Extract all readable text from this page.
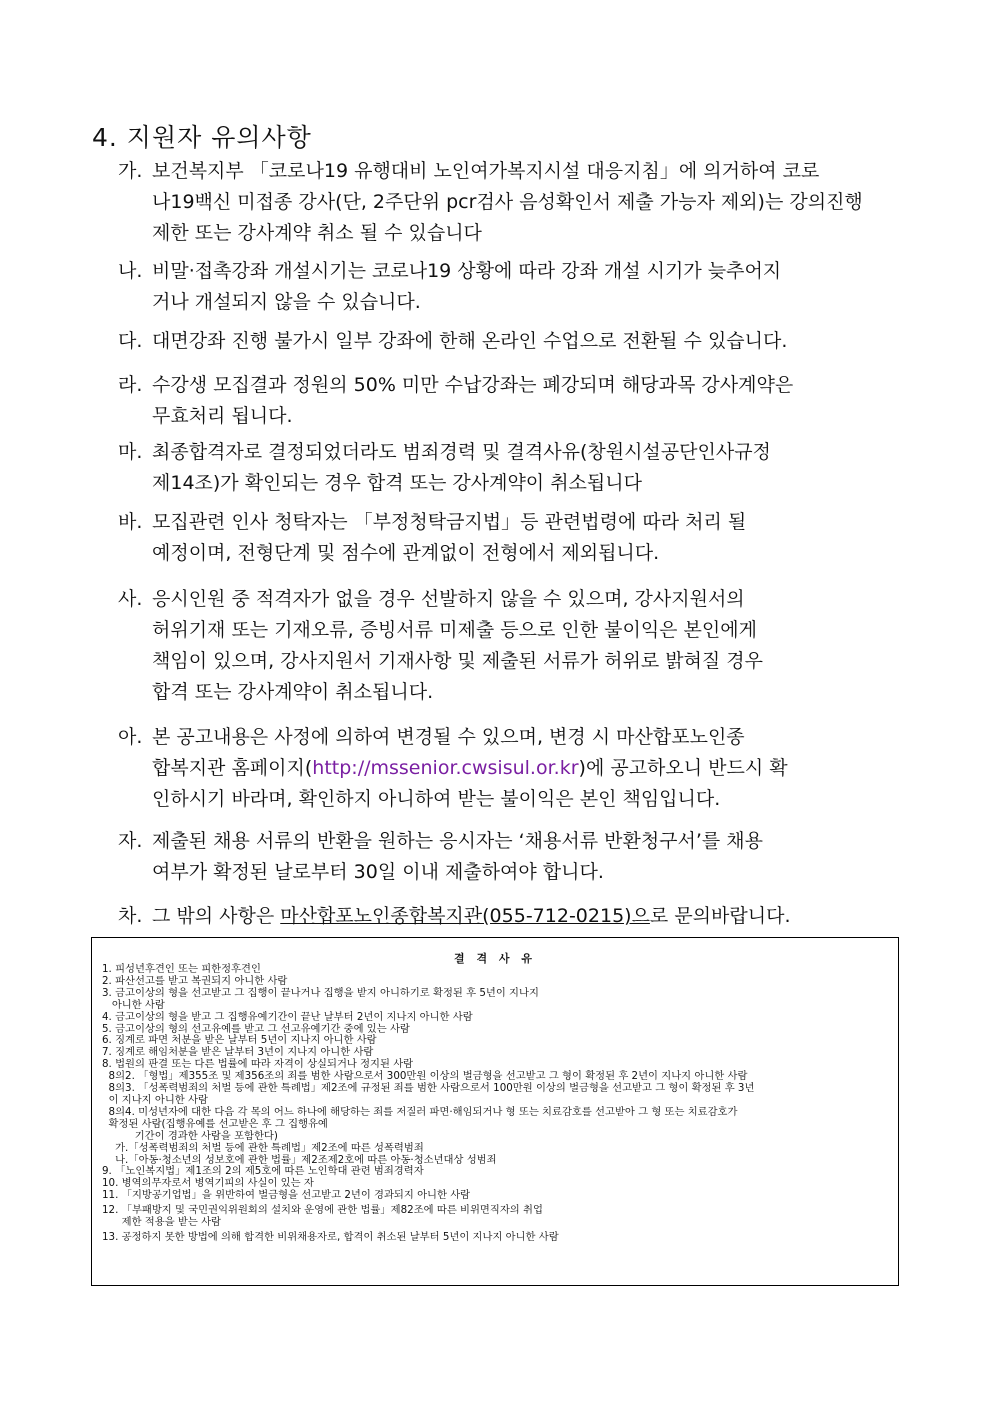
4. 지원자 유의사항
가. 보건복지부 「코로나19 유행대비 노인여가복지시설 대응지침」에 의거하여 코로
나19백신 미접종 강사(단, 2주단위 pcr검사 음성확인서 제출 가능자 제외)는 강의진행
제한 또는 강사계약 취소 될 수 있습니다
나. 비말·접촉강좌 개설시기는 코로나19 상황에 따라 강좌 개설 시기가 늦추어지
거나 개설되지 않을 수 있습니다.
다. 대면강좌 진행 불가시 일부 강좌에 한해 온라인 수업으로 전환될 수 있습니다.
라. 수강생 모집결과 정원의 50% 미만 수납강좌는 폐강되며 해당과목 강사계약은
무효처리 됩니다.
마. 최종합격자로 결정되었더라도 범죄경력 및 결격사유(창원시설공단인사규정
제14조)가 확인되는 경우 합격 또는 강사계약이 취소됩니다
바. 모집관련 인사 청탁자는 「부정청탁금지법」등 관련법령에 따라 처리 될
예정이며, 전형단계 및 점수에 관계없이 전형에서 제외됩니다.
사. 응시인원 중 적격자가 없을 경우 선발하지 않을 수 있으며, 강사지원서의
허위기재 또는 기재오류, 증빙서류 미제출 등으로 인한 불이익은 본인에게
책임이 있으며, 강사지원서 기재사항 및 제출된 서류가 허위로 밝혀질 경우
합격 또는 강사계약이 취소됩니다.
아. 본 공고내용은 사정에 의하여 변경될 수 있으며, 변경 시 마산합포노인종
합복지관 홈페이지(http://mssenior.cwsisul.or.kr)에 공고하오니 반드시 확
인하시기 바라며, 확인하지 아니하여 받는 불이익은 본인 책임입니다.
자. 제출된 채용 서류의 반환을 원하는 응시자는 ‘채용서류 반환청구서’를 채용
여부가 확정된 날로부터 30일 이내 제출하여야 합니다.
차. 그 밖의 사항은 마산합포노인종합복지관(055-712-0215)으로 문의바랍니다.
결 격 사 유
1. 피성년후견인 또는 피한정후견인
2. 파산선고를 받고 복권되지 아니한 사람
3. 금고이상의 형을 선고받고 그 집행이 끝나거나 집행을 받지 아니하기로 확정된 후 5년이 지나지
아니한 사람
4. 금고이상의 형을 받고 그 집행유예기간이 끝난 날부터 2년이 지나지 아니한 사람
5. 금고이상의 형의 선고유예를 받고 그 선고유예기간 중에 있는 사람
6. 징계로 파면 처분을 받은 날부터 5년이 지나지 아니한 사람
7. 징계로 해임처분을 받은 날부터 3년이 지나지 아니한 사람
8. 법원의 판결 또는 다른 법률에 따라 자격이 상실되거나 정지된 사람
8의2. 「형법」제355조 및 제356조의 죄를 범한 사람으로서 300만원 이상의 벌금형을 선고받고 그 형이 확정된 후 2년이 지나지 아니한 사람
8의3. 「성폭력범죄의 처벌 등에 관한 특례법」제2조에 규정된 죄를 범한 사람으로서 100만원 이상의 벌금형을 선고받고 그 형이 확정된 후 3년
이 지나지 아니한 사람
8의4. 미성년자에 대한 다음 각 목의 어느 하나에 해당하는 죄를 저질러 파면·해임되거나 형 또는 치료감호를 선고받아 그 형 또는 치료감호가
확정된 사람(집행유예를 선고받은 후 그 집행유예
기간이 경과한 사람을 포함한다)
가.「성폭력범죄의 처벌 등에 관한 특례법」제2조에 따른 성폭력범죄
나.「아동·청소년의 성보호에 관한 법률」제2조제2호에 따른 아동·청소년대상 성범죄
9. 「노인복지법」제1조의 2의 제5호에 따른 노인학대 관련 범죄경력자
10. 병역의무자로서 병역기피의 사실이 있는 자
11. 「지방공기업법」을 위반하여 벌금형을 선고받고 2년이 경과되지 아니한 사람
12. 「부패방지 및 국민권익위원회의 설치와 운영에 관한 법률」제82조에 따른 비위면직자의 취업
제한 적용을 받는 사람
13. 공정하지 못한 방법에 의해 합격한 비위채용자로, 합격이 취소된 날부터 5년이 지나지 아니한 사람
